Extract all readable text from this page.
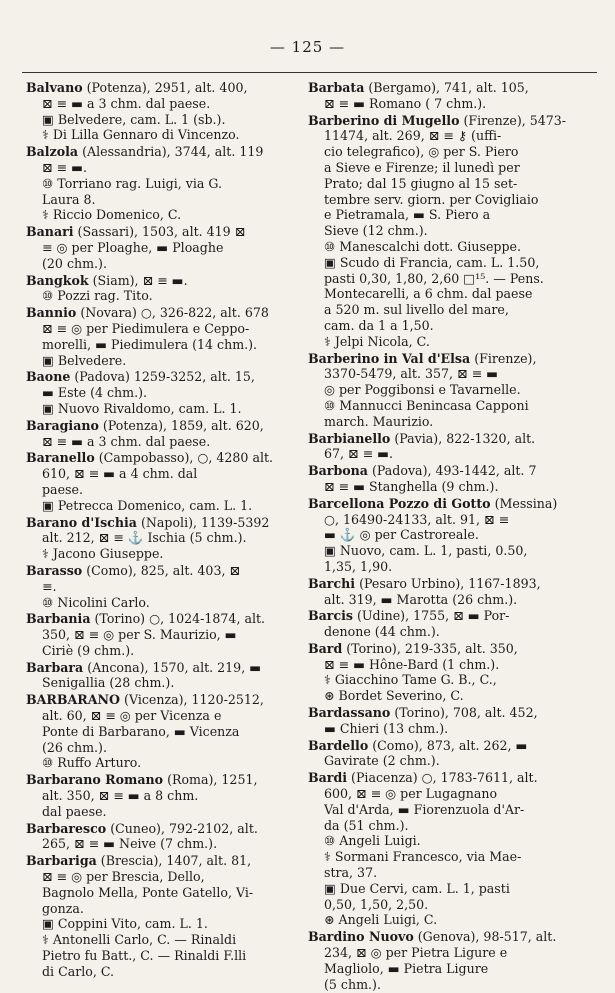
— 125 —
Balvano (Potenza), 2951, alt. 400,
⊠ ≡ ▬ a 3 chm. dal paese.
▣ Belvedere, cam. L. 1 (sb.).
⚕ Di Lilla Gennaro di Vincenzo.
Balzola (Alessandria), 3744, alt. 119
⊠ ≡ ▬.
⑩ Torriano rag. Luigi, via G.
Laura 8.
⚕ Riccio Domenico, C.
Banari (Sassari), 1503, alt. 419 ⊠
≡ ◎ per Ploaghe, ▬ Ploaghe
(20 chm.).
Bangkok (Siam), ⊠ ≡ ▬.
⑩ Pozzi rag. Tito.
Bannio (Novara) ○, 326-822, alt. 678
⊠ ≡ ◎ per Piedimulera e Ceppo-
morelli, ▬ Piedimulera (14 chm.).
▣ Belvedere.
Baone (Padova) 1259-3252, alt. 15,
▬ Este (4 chm.).
▣ Nuovo Rivaldomo, cam. L. 1.
Baragiano (Potenza), 1859, alt. 620,
⊠ ≡ ▬ a 3 chm. dal paese.
Baranello (Campobasso), ○, 4280 alt.
610, ⊠ ≡ ▬ a 4 chm. dal
paese.
▣ Petrecca Domenico, cam. L. 1.
Barano d'Ischia (Napoli), 1139-5392
alt. 212, ⊠ ≡ ⚓ Ischia (5 chm.).
⚕ Jacono Giuseppe.
Barasso (Como), 825, alt. 403, ⊠
≡.
⑩ Nicolini Carlo.
Barbania (Torino) ○, 1024-1874, alt.
350, ⊠ ≡ ◎ per S. Maurizio, ▬
Ciriè (9 chm.).
Barbara (Ancona), 1570, alt. 219, ▬
Senigallia (28 chm.).
BARBARANO (Vicenza), 1120-2512,
alt. 60, ⊠ ≡ ◎ per Vicenza e
Ponte di Barbarano, ▬ Vicenza
(26 chm.).
⑩ Ruffo Arturo.
Barbarano Romano (Roma), 1251,
alt. 350, ⊠ ≡ ▬ a 8 chm.
dal paese.
Barbaresco (Cuneo), 792-2102, alt.
265, ⊠ ≡ ▬ Neive (7 chm.).
Barbariga (Brescia), 1407, alt. 81,
⊠ ≡ ◎ per Brescia, Dello,
Bagnolo Mella, Ponte Gatello, Vi-
gonza.
▣ Coppini Vito, cam. L. 1.
⚕ Antonelli Carlo, C. — Rinaldi
Pietro fu Batt., C. — Rinaldi F.lli
di Carlo, C.
Barbata (Bergamo), 741, alt. 105,
⊠ ≡ ▬ Romano ( 7 chm.).
Barberino di Mugello (Firenze), 5473-
11474, alt. 269, ⊠ ≡ ⚷ (uffi-
cio telegrafico), ◎ per S. Piero
a Sieve e Firenze; il lunedì per
Prato; dal 15 giugno al 15 set-
tembre serv. giorn. per Covigliaio
e Pietramala, ▬ S. Piero a
Sieve (12 chm.).
⑩ Manescalchi dott. Giuseppe.
▣ Scudo di Francia, cam. L. 1.50,
pasti 0,30, 1,80, 2,60 □¹⁵. — Pens.
Montecarelli, a 6 chm. dal paese
a 520 m. sul livello del mare,
cam. da 1 a 1,50.
⚕ Jelpi Nicola, C.
Barberino in Val d'Elsa (Firenze),
3370-5479, alt. 357, ⊠ ≡ ▬
◎ per Poggibonsi e Tavarnelle.
⑩ Mannucci Benincasa Capponi
march. Maurizio.
Barbianello (Pavia), 822-1320, alt.
67, ⊠ ≡ ▬.
Barbona (Padova), 493-1442, alt. 7
⊠ ≡ ▬ Stanghella (9 chm.).
Barcellona Pozzo di Gotto (Messina)
○, 16490-24133, alt. 91, ⊠ ≡
▬ ⚓ ◎ per Castroreale.
▣ Nuovo, cam. L. 1, pasti, 0.50,
1,35, 1,90.
Barchi (Pesaro Urbino), 1167-1893,
alt. 319, ▬ Marotta (26 chm.).
Barcis (Udine), 1755, ⊠ ▬ Por-
denone (44 chm.).
Bard (Torino), 219-335, alt. 350,
⊠ ≡ ▬ Hône-Bard (1 chm.).
⚕ Giacchino Tame G. B., C.,
⊛ Bordet Severino, C.
Bardassano (Torino), 708, alt. 452,
▬ Chieri (13 chm.).
Bardello (Como), 873, alt. 262, ▬
Gavirate (2 chm.).
Bardi (Piacenza) ○, 1783-7611, alt.
600, ⊠ ≡ ◎ per Lugagnano
Val d'Arda, ▬ Fiorenzuola d'Ar-
da (51 chm.).
⑩ Angeli Luigi.
⚕ Sormani Francesco, via Mae-
stra, 37.
▣ Due Cervi, cam. L. 1, pasti
0,50, 1,50, 2,50.
⊛ Angeli Luigi, C.
Bardino Nuovo (Genova), 98-517, alt.
234, ⊠ ◎ per Pietra Ligure e
Magliolo, ▬ Pietra Ligure
(5 chm.).
